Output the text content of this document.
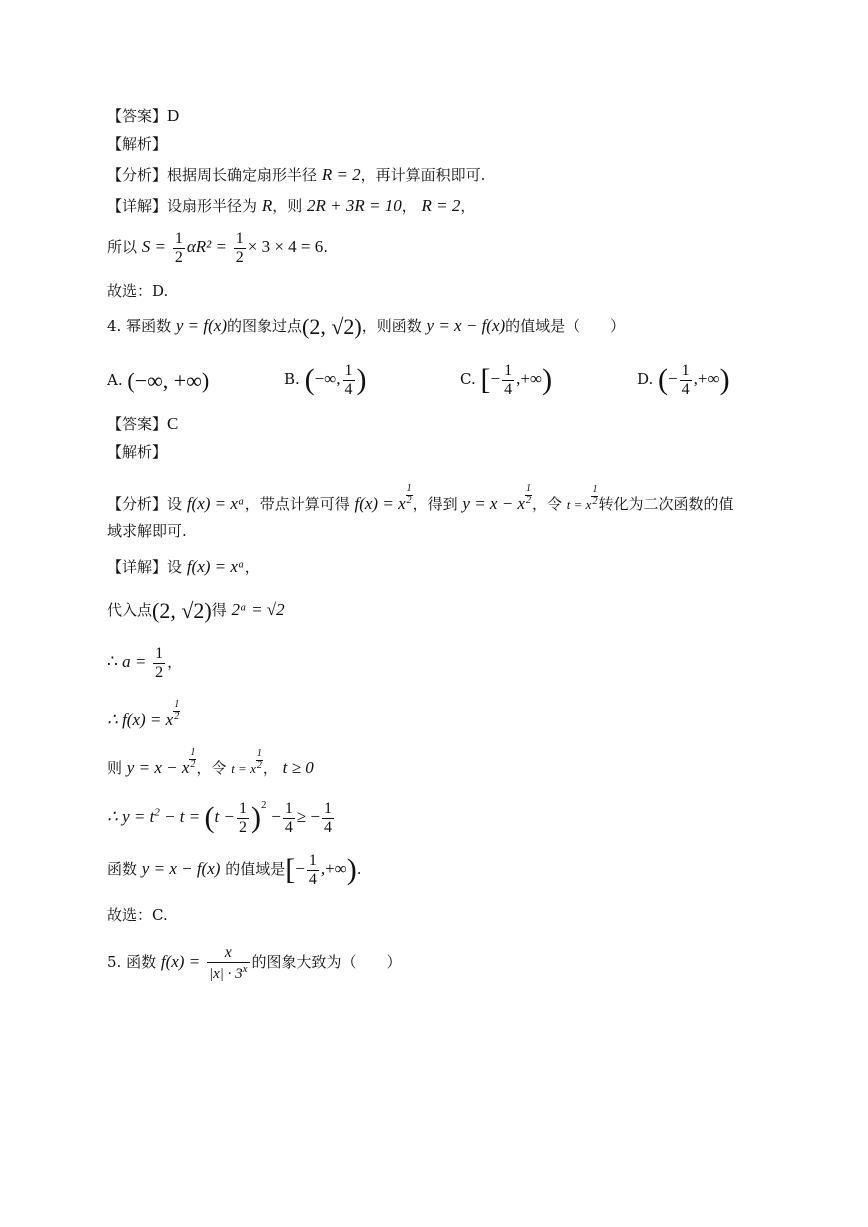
【答案】D
【解析】
【分析】根据周长确定扇形半径 R = 2，再计算面积即可.
【详解】设扇形半径为 R，则 2R + 3R = 10， R = 2，
所以 $S = \frac{1}{2} \alpha R^2 = \frac{1}{2} \times 3 \times 4 = 6$.
故选：D.
4. 幂函数 y = f(x)的图象过点(2, √2)，则函数 y = x − f(x)的值域是（　　）
A. (−∞, +∞)	B. (−∞, $\frac{1}{4}$ )	C. [− $\frac{1}{4}$ ,+∞)	D. (− $\frac{1}{4}$ ,+∞)
【答案】C
【解析】
【分析】设 f(x) = xᵃ，带点计算可得 f(x) = x $\frac{1}{2}$ ，得到 y = x − x $\frac{1}{2}$ ，令 t = x $\frac{1}{2}$ 转化为二次函数的值
域求解即可.
【详解】设 f(x) = xᵃ，
代入点(2, √2)得 2ᵃ = √2
∴ $a = \frac{1}{2}$ ，
∴ f(x) = x $\frac{1}{2}$
则 y = x − x $\frac{1}{2}$ ，令 t = x $\frac{1}{2}$ ， t ≥ 0
∴ $y = t^2 - t = (t - \frac{1}{2} )^2 - \frac{1}{4}$ ≥ − $\frac{1}{4}$
函数 y = x − f(x) 的值域是[− $\frac{1}{4}$ ,+∞).
故选：C.
5. 函数 $f(x) = \frac{x}{|x| \cdot 3^x}$ 的图象大致为（　　）
